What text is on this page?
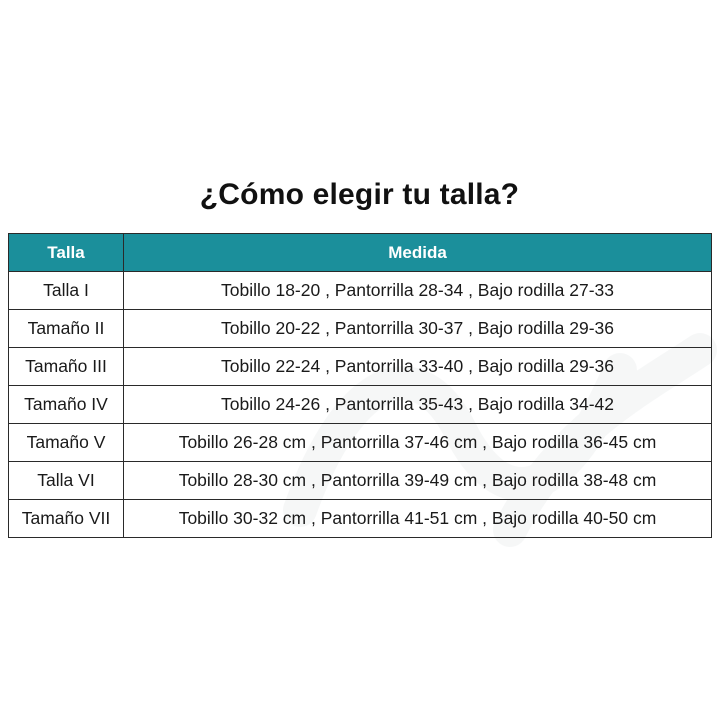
¿Cómo elegir tu talla?
Talla	Medida
Talla I	Tobillo 18-20 , Pantorrilla 28-34 , Bajo rodilla 27-33
Tamaño II	Tobillo 20-22 , Pantorrilla 30-37 , Bajo rodilla 29-36
Tamaño III	Tobillo 22-24 , Pantorrilla 33-40 , Bajo rodilla 29-36
Tamaño IV	Tobillo 24-26 , Pantorrilla 35-43 , Bajo rodilla 34-42
Tamaño V	Tobillo 26-28 cm , Pantorrilla 37-46 cm , Bajo rodilla 36-45 cm
Talla VI	Tobillo 28-30 cm , Pantorrilla 39-49 cm , Bajo rodilla 38-48 cm
Tamaño VII	Tobillo 30-32 cm , Pantorrilla 41-51 cm , Bajo rodilla 40-50 cm
